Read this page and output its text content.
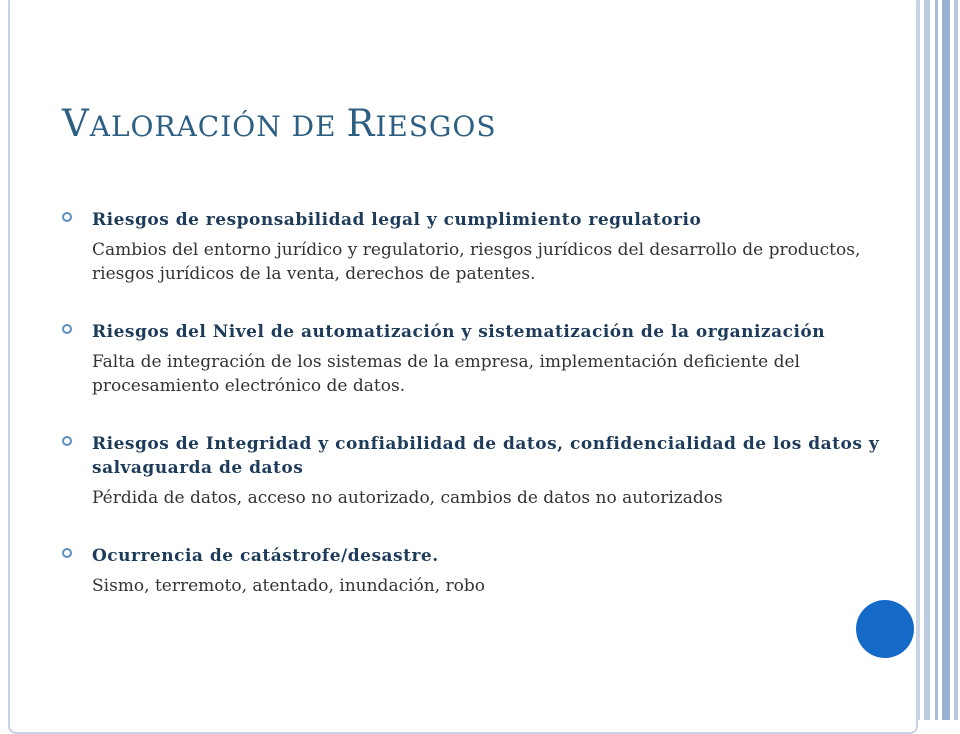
VALORACIÓN DE RIESGOS
Riesgos de responsabilidad legal y cumplimiento regulatorio
Cambios del entorno jurídico y regulatorio, riesgos jurídicos del desarrollo de productos, riesgos jurídicos de la venta, derechos de patentes.
Riesgos del Nivel de automatización y sistematización de la organización
Falta de integración de los sistemas de la empresa, implementación deficiente del procesamiento electrónico de datos.
Riesgos de Integridad y confiabilidad de datos, confidencialidad de los datos y salvaguarda de datos
Pérdida de datos, acceso no autorizado, cambios de datos no autorizados
Ocurrencia de catástrofe/desastre.
Sismo, terremoto, atentado, inundación, robo
